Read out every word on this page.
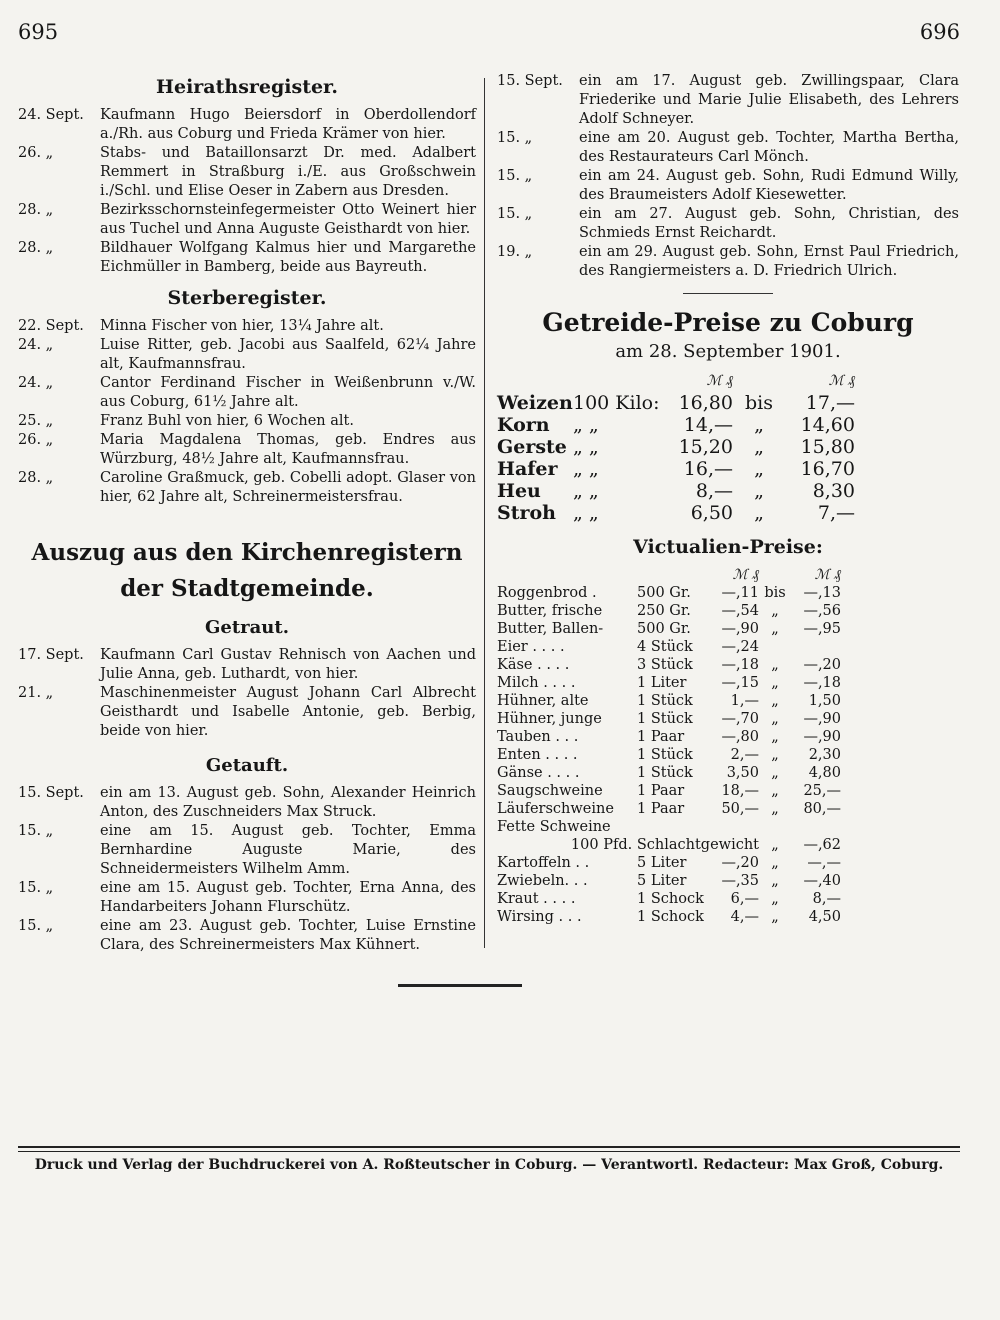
695	696
Heirathsregister.
24. Sept.	Kaufmann Hugo Beiersdorf in Oberdollendorf a./Rh. aus Coburg und Frieda Krämer von hier.
26. „	Stabs- und Bataillonsarzt Dr. med. Adalbert Remmert in Straßburg i./E. aus Großschwein i./Schl. und Elise Oeser in Zabern aus Dresden.
28. „	Bezirksschornsteinfegermeister Otto Weinert hier aus Tuchel und Anna Auguste Geisthardt von hier.
28. „	Bildhauer Wolfgang Kalmus hier und Margarethe Eichmüller in Bamberg, beide aus Bayreuth.
Sterberegister.
22. Sept.	Minna Fischer von hier, 13¼ Jahre alt.
24. „	Luise Ritter, geb. Jacobi aus Saalfeld, 62¼ Jahre alt, Kaufmannsfrau.
24. „	Cantor Ferdinand Fischer in Weißenbrunn v./W. aus Coburg, 61½ Jahre alt.
25. „	Franz Buhl von hier, 6 Wochen alt.
26. „	Maria Magdalena Thomas, geb. Endres aus Würzburg, 48½ Jahre alt, Kaufmannsfrau.
28. „	Caroline Graßmuck, geb. Cobelli adopt. Glaser von hier, 62 Jahre alt, Schreinermeistersfrau.
Auszug aus den Kirchenregistern
der Stadtgemeinde.
Getraut.
17. Sept.	Kaufmann Carl Gustav Rehnisch von Aachen und Julie Anna, geb. Luthardt, von hier.
21. „	Maschinenmeister August Johann Carl Albrecht Geisthardt und Isabelle Antonie, geb. Berbig, beide von hier.
Getauft.
15. Sept.	ein am 13. August geb. Sohn, Alexander Heinrich Anton, des Zuschneiders Max Struck.
15. „	eine am 15. August geb. Tochter, Emma Bernhardine Auguste Marie, des Schneidermeisters Wilhelm Amm.
15. „	eine am 15. August geb. Tochter, Erna Anna, des Handarbeiters Johann Flurschütz.
15. „	eine am 23. August geb. Tochter, Luise Ernstine Clara, des Schreinermeisters Max Kühnert.
15. Sept.	ein am 17. August geb. Zwillingspaar, Clara Friederike und Marie Julie Elisabeth, des Lehrers Adolf Schneyer.
15. „	eine am 20. August geb. Tochter, Martha Bertha, des Restaurateurs Carl Mönch.
15. „	ein am 24. August geb. Sohn, Rudi Edmund Willy, des Braumeisters Adolf Kiesewetter.
15. „	ein am 27. August geb. Sohn, Christian, des Schmieds Ernst Reichardt.
19. „	ein am 29. August geb. Sohn, Ernst Paul Friedrich, des Rangiermeisters a. D. Friedrich Ulrich.
Getreide-Preise zu Coburg
am 28. September 1901.
ℳ ₰	ℳ ₰
Weizen 100 Kilo:	16,80 bis	17,—
Korn	„ „	14,—	„	14,60
Gerste „ „	15,20	„	15,80
Hafer „ „	16,—	„	16,70
Heu	„ „	8,—	„	8,30
Stroh „ „	6,50	„	7,—
Victualien-Preise:
ℳ ₰	ℳ ₰
Roggenbrod .	500 Gr.	—,11 bis	—,13
Butter, frische	250 Gr.	—,54 „	—,56
Butter, Ballen-	500 Gr.	—,90 „	—,95
Eier . . . .	4 Stück	—,24
Käse . . . .	3 Stück	—,18 „	—,20
Milch . . . .	1 Liter	—,15 „	—,18
Hühner, alte	1 Stück	1,— „	1,50
Hühner, junge	1 Stück	—,70 „	—,90
Tauben . . .	1 Paar	—,80 „	—,90
Enten . . . .	1 Stück	2,— „	2,30
Gänse . . . .	1 Stück	3,50 „	4,80
Saugschweine	1 Paar	18,— „	25,—
Läuferschweine	1 Paar	50,— „	80,—
Fette Schweine
100 Pfd. Schlachtgewicht „	—,62
Kartoffeln . .	5 Liter	—,20 „	—,—
Zwiebeln. . .	5 Liter	—,35 „	—,40
Kraut . . . .	1 Schock	6,— „	8,—
Wirsing . . .	1 Schock	4,— „	4,50
Druck und Verlag der Buchdruckerei von A. Roßteutscher in Coburg. — Verantwortl. Redacteur: Max Groß, Coburg.
